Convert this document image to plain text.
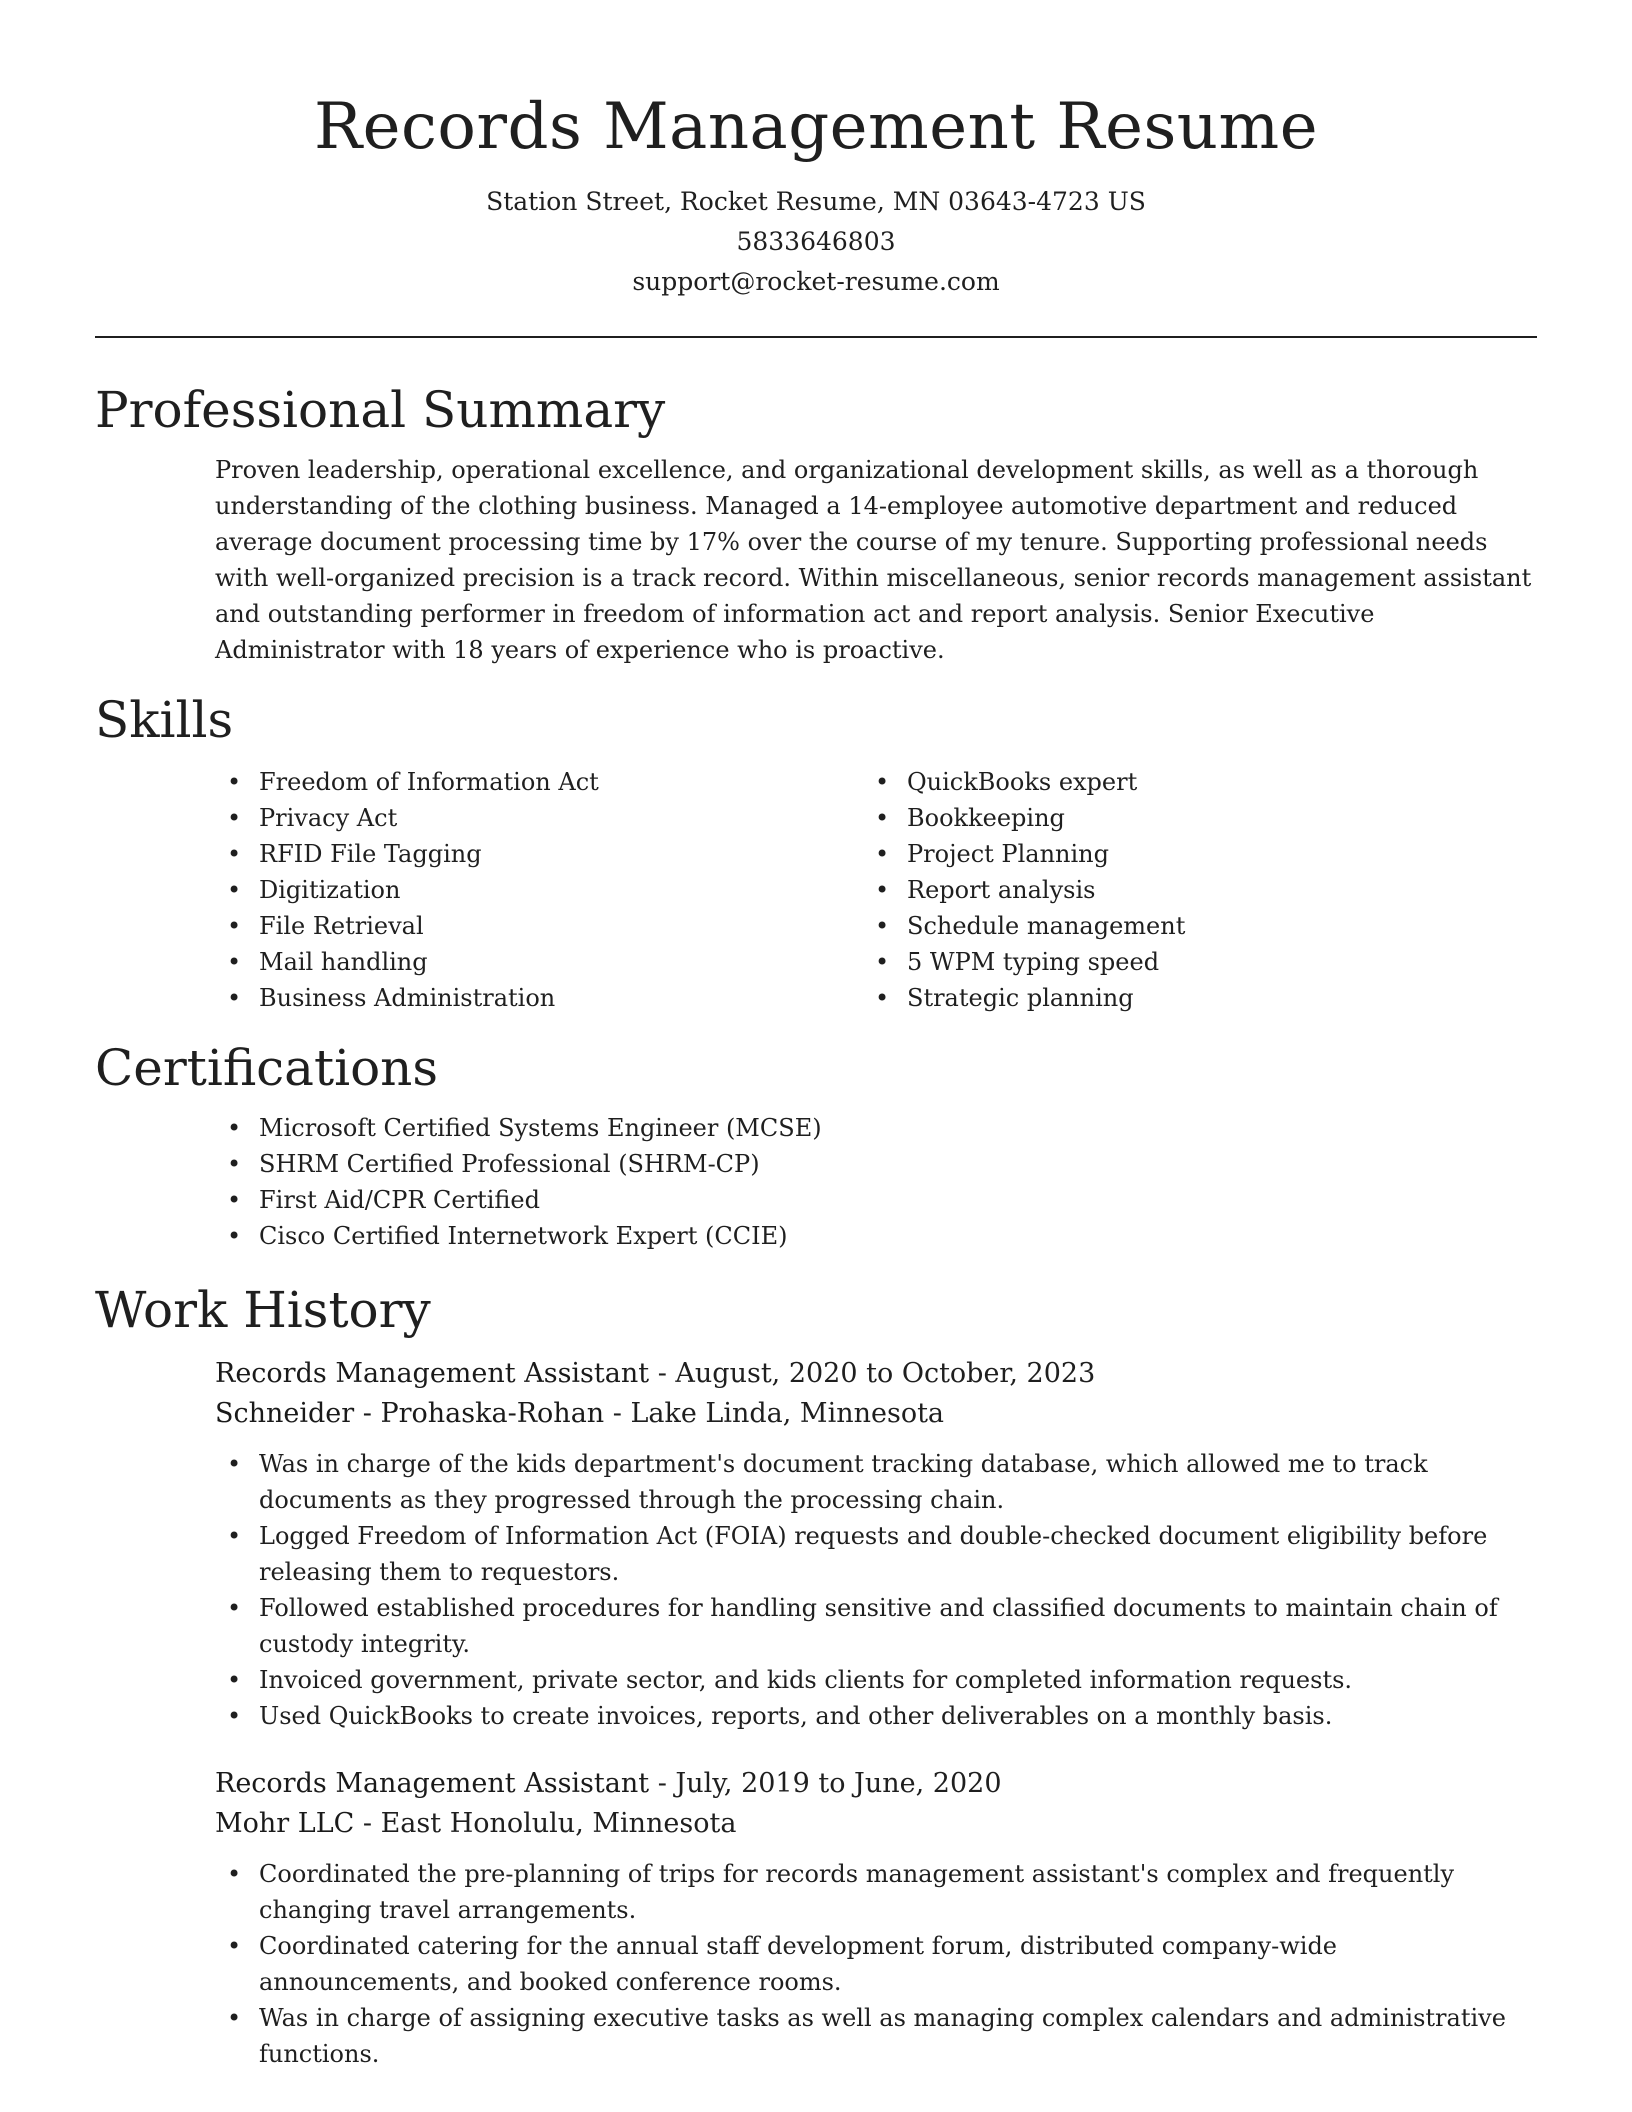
Records Management Resume
Station Street, Rocket Resume, MN 03643-4723 US
5833646803
support@rocket-resume.com
Professional Summary

Proven leadership, operational excellence, and organizational development skills, as well as a thorough understanding of the clothing business. Managed a 14-employee automotive department and reduced average document processing time by 17% over the course of my tenure. Supporting professional needs with well-organized precision is a track record. Within miscellaneous, senior records management assistant and outstanding performer in freedom of information act and report analysis. Senior Executive Administrator with 18 years of experience who is proactive.

Skills
• Freedom of Information Act
• Privacy Act
• RFID File Tagging
• Digitization
• File Retrieval
• Mail handling
• Business Administration
• QuickBooks expert
• Bookkeeping
• Project Planning
• Report analysis
• Schedule management
• 5 WPM typing speed
• Strategic planning
Certifications
• Microsoft Certified Systems Engineer (MCSE)
• SHRM Certified Professional (SHRM-CP)
• First Aid/CPR Certified
• Cisco Certified Internetwork Expert (CCIE)
Work History
Records Management Assistant - August, 2020 to October, 2023
Schneider - Prohaska-Rohan - Lake Linda, Minnesota
• Was in charge of the kids department's document tracking database, which allowed me to track documents as they progressed through the processing chain.
• Logged Freedom of Information Act (FOIA) requests and double-checked document eligibility before releasing them to requestors.
• Followed established procedures for handling sensitive and classified documents to maintain chain of custody integrity.
• Invoiced government, private sector, and kids clients for completed information requests.
• Used QuickBooks to create invoices, reports, and other deliverables on a monthly basis.
Records Management Assistant - July, 2019 to June, 2020
Mohr LLC - East Honolulu, Minnesota
• Coordinated the pre-planning of trips for records management assistant's complex and frequently changing travel arrangements.
• Coordinated catering for the annual staff development forum, distributed company-wide announcements, and booked conference rooms.
• Was in charge of assigning executive tasks as well as managing complex calendars and administrative functions.
